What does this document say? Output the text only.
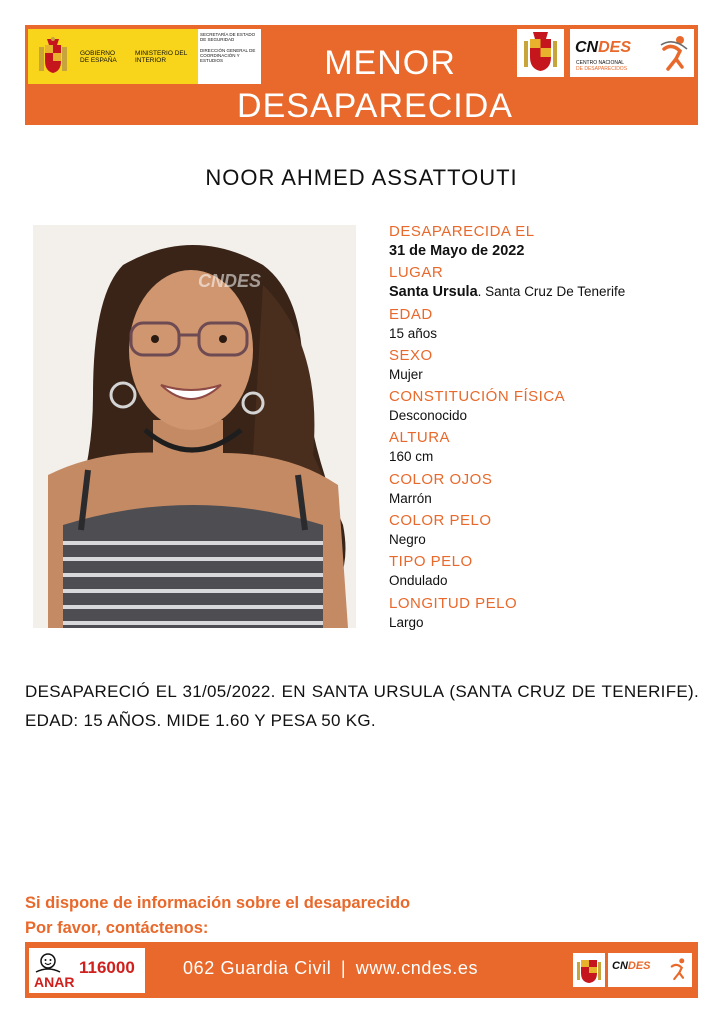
GOBIERNO DE ESPAÑA
MINISTERIO DEL INTERIOR
SECRETARÍA DE ESTADO DE SEGURIDAD
DIRECCIÓN GENERAL DE COORDINACIÓN Y ESTUDIOS	MENOR
DESAPARECIDA
CNDES
CENTRO NACIONAL
DE DESAPARECIDOS
NOOR AHMED ASSATTOUTI
CNDES
DESAPARECIDA EL
31 de Mayo de 2022
LUGAR
Santa Ursula. Santa Cruz De Tenerife
EDAD
15 años
SEXO
Mujer
CONSTITUCIÓN FÍSICA
Desconocido
ALTURA
160 cm
COLOR OJOS
Marrón
COLOR PELO
Negro
TIPO PELO
Ondulado
LONGITUD PELO
Largo
DESAPARECIÓ EL 31/05/2022. EN SANTA URSULA (SANTA CRUZ DE TENERIFE). EDAD: 15 AÑOS. MIDE 1.60 Y PESA 50 KG.
Si dispone de información sobre el desaparecido
Por favor, contáctenos:
ANAR
116000	062 Guardia Civil | www.cndes.es	CNDES
